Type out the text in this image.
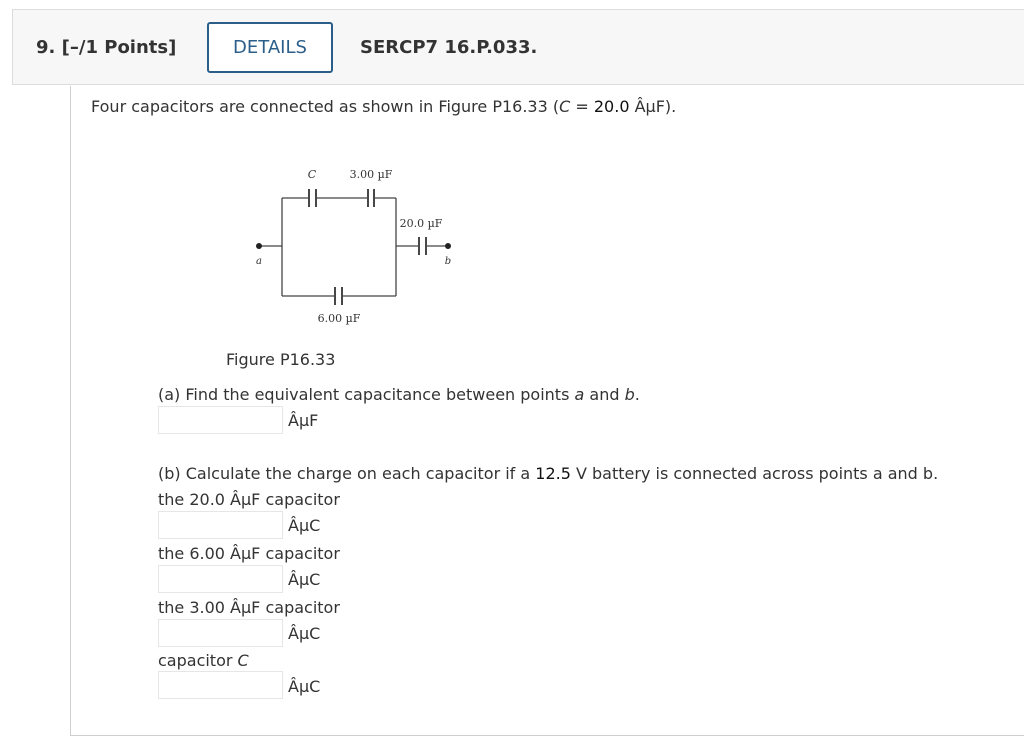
9. [–/1 Points]	DETAILS	SERCP7 16.P.033.
Four capacitors are connected as shown in Figure P16.33 (C = 20.0 ÂµF).
C	3.00 µF
20.0 µF
6.00 µF
a	b
Figure P16.33
(a) Find the equivalent capacitance between points a and b.
ÂµF
(b) Calculate the charge on each capacitor if a 12.5 V battery is connected across points a and b.
the 20.0 ÂµF capacitor
ÂµC
the 6.00 ÂµF capacitor
ÂµC
the 3.00 ÂµF capacitor
ÂµC
capacitor C
ÂµC
